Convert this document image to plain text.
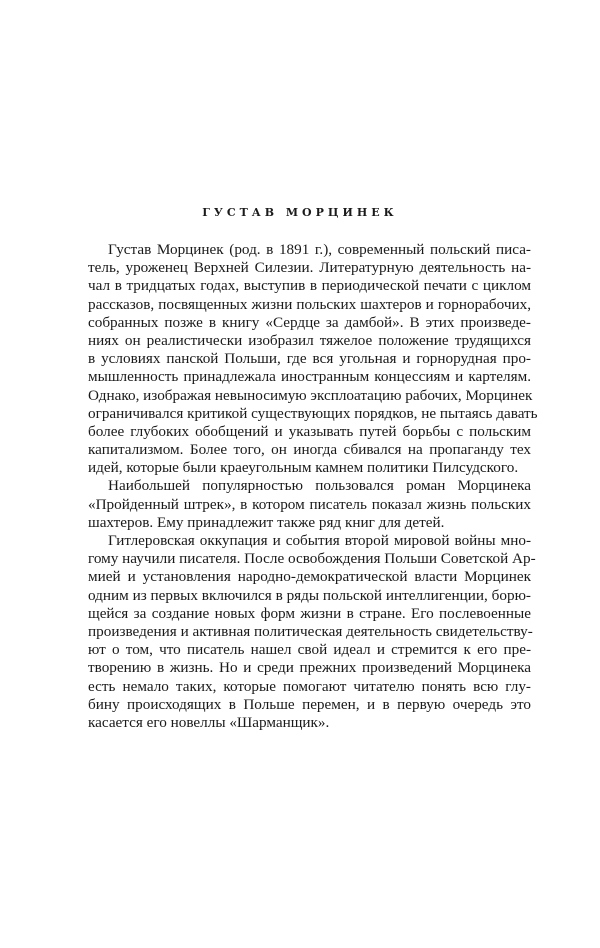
ГУСТАВ МОРЦИНЕК
Густав Морцинек (род. в 1891 г.), современный польский писа-
тель, уроженец Верхней Силезии. Литературную деятельность на-
чал в тридцатых годах, выступив в периодической печати с циклом
рассказов, посвященных жизни польских шахтеров и горнорабочих,
собранных позже в книгу «Сердце за дамбой». В этих произведе-
ниях он реалистически изобразил тяжелое положение трудящихся
в условиях панской Польши, где вся угольная и горнорудная про-
мышленность принадлежала иностранным концессиям и картелям.
Однако, изображая невыносимую эксплоатацию рабочих, Морцинек
ограничивался критикой существующих порядков, не пытаясь давать
более глубоких обобщений и указывать путей борьбы с польским
капитализмом. Более того, он иногда сбивался на пропаганду тех
идей, которые были краеугольным камнем политики Пилсудского.
Наибольшей популярностью пользовался роман Морцинека
«Пройденный штрек», в котором писатель показал жизнь польских
шахтеров. Ему принадлежит также ряд книг для детей.
Гитлеровская оккупация и события второй мировой войны мно-
гому научили писателя. После освобождения Польши Советской Ар-
мией и установления народно-демократической власти Морцинек
одним из первых включился в ряды польской интеллигенции, борю-
щейся за создание новых форм жизни в стране. Его послевоенные
произведения и активная политическая деятельность свидетельству-
ют о том, что писатель нашел свой идеал и стремится к его пре-
творению в жизнь. Но и среди прежних произведений Морцинека
есть немало таких, которые помогают читателю понять всю глу-
бину происходящих в Польше перемен, и в первую очередь это
касается его новеллы «Шарманщик».
